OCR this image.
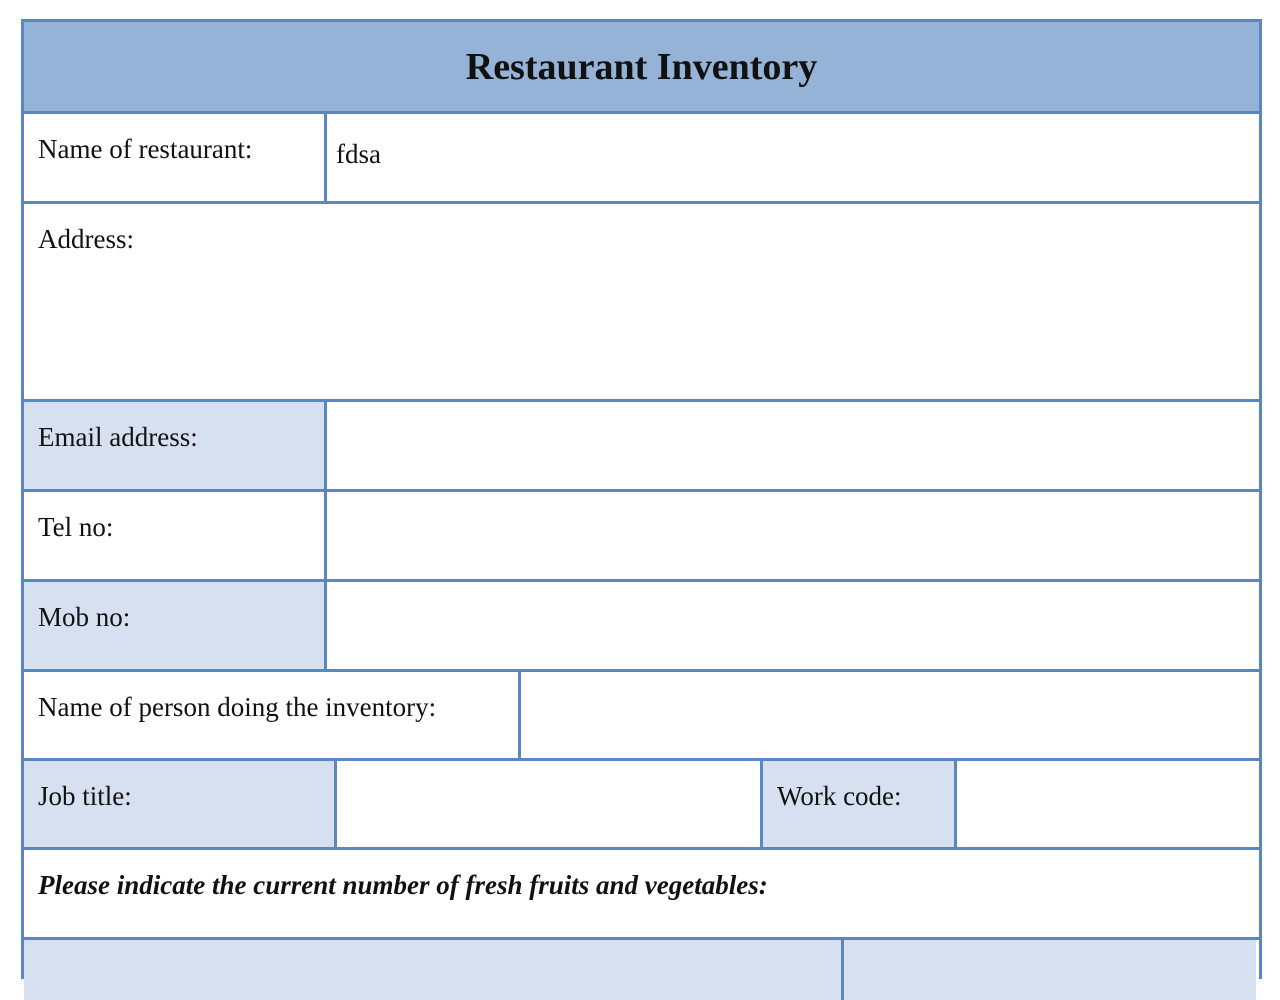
Restaurant Inventory
Name of restaurant:	fdsa
Address:
Email address:
Tel no:
Mob no:
Name of person doing the inventory:
Job title:	Work code:
Please indicate the current number of fresh fruits and vegetables:
